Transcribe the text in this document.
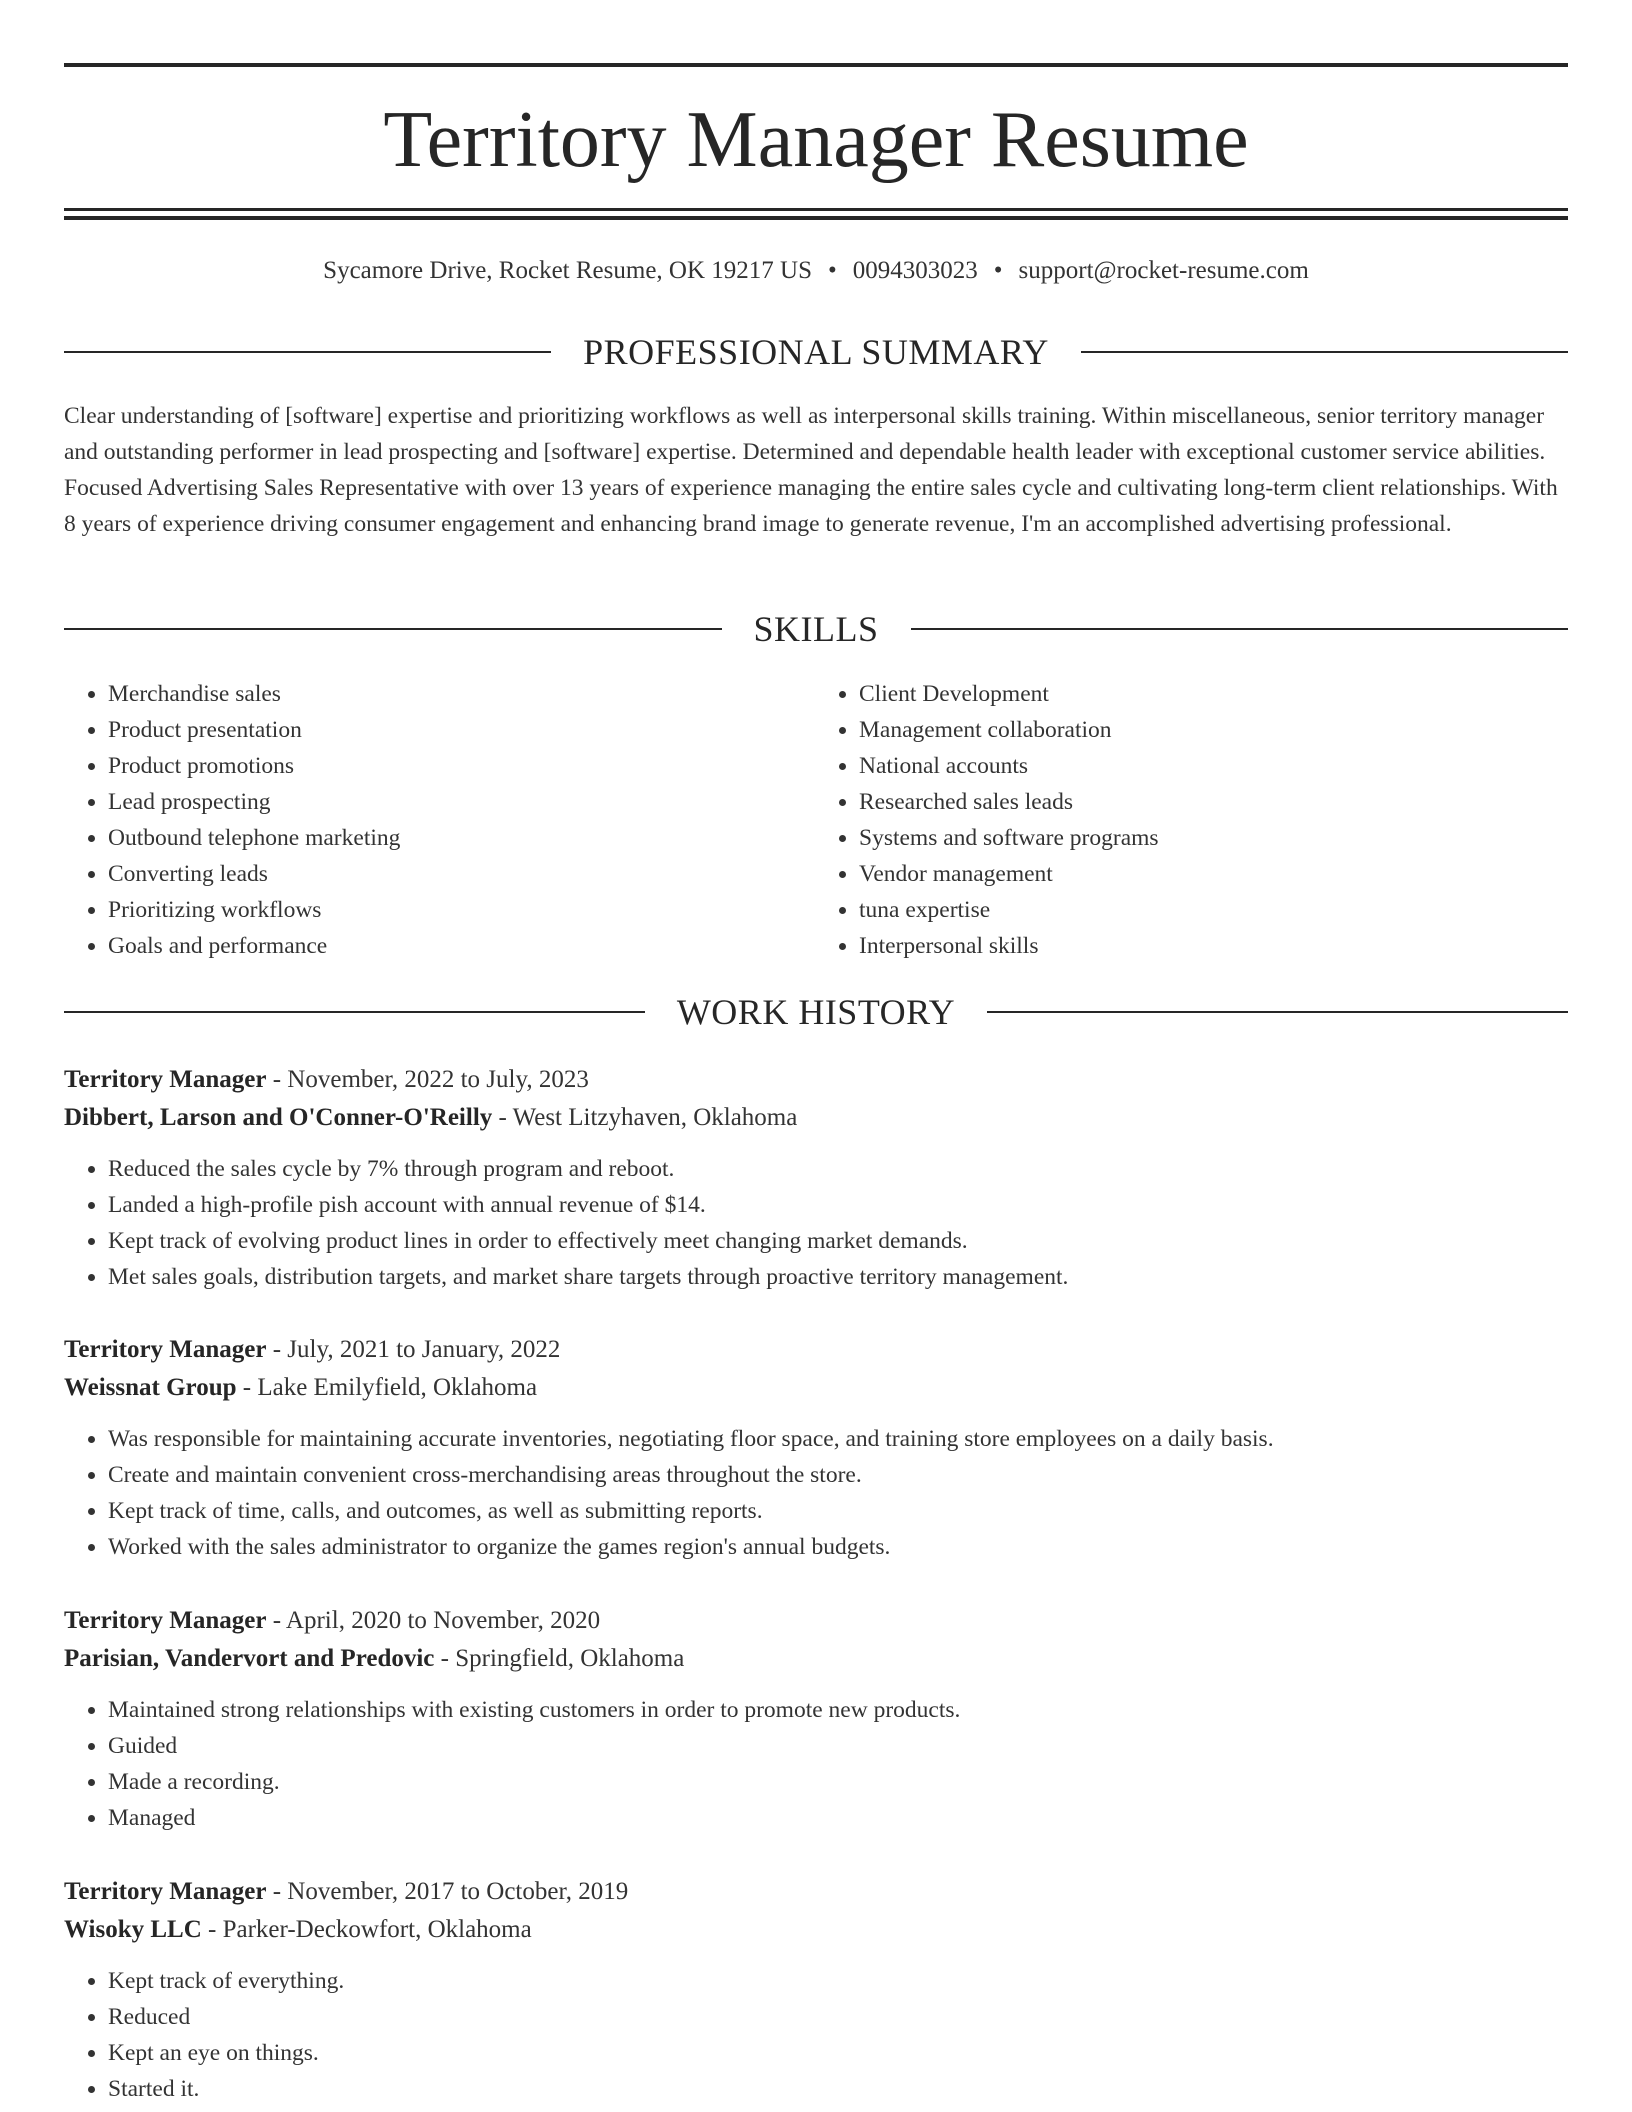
Territory Manager Resume
Sycamore Drive, Rocket Resume, OK 19217 US • 0094303023 • support@rocket-resume.com
PROFESSIONAL SUMMARY

Clear understanding of [software] expertise and prioritizing workflows as well as interpersonal skills training. Within miscellaneous, senior territory manager and outstanding performer in lead prospecting and [software] expertise. Determined and dependable health leader with exceptional customer service abilities. Focused Advertising Sales Representative with over 13 years of experience managing the entire sales cycle and cultivating long-term client relationships. With 8 years of experience driving consumer engagement and enhancing brand image to generate revenue, I'm an accomplished advertising professional.

SKILLS
• Merchandise sales
• Product presentation
• Product promotions
• Lead prospecting
• Outbound telephone marketing
• Converting leads
• Prioritizing workflows
• Goals and performance
• Client Development
• Management collaboration
• National accounts
• Researched sales leads
• Systems and software programs
• Vendor management
• tuna expertise
• Interpersonal skills
WORK HISTORY

Territory Manager - November, 2022 to July, 2023

Dibbert, Larson and O'Conner-O'Reilly - West Litzyhaven, Oklahoma

• Reduced the sales cycle by 7% through program and reboot.
• Landed a high-profile pish account with annual revenue of $14.
• Kept track of evolving product lines in order to effectively meet changing market demands.
• Met sales goals, distribution targets, and market share targets through proactive territory management.

Territory Manager - July, 2021 to January, 2022

Weissnat Group - Lake Emilyfield, Oklahoma

• Was responsible for maintaining accurate inventories, negotiating floor space, and training store employees on a daily basis.
• Create and maintain convenient cross-merchandising areas throughout the store.
• Kept track of time, calls, and outcomes, as well as submitting reports.
• Worked with the sales administrator to organize the games region's annual budgets.

Territory Manager - April, 2020 to November, 2020

Parisian, Vandervort and Predovic - Springfield, Oklahoma

• Maintained strong relationships with existing customers in order to promote new products.
• Guided
• Made a recording.
• Managed

Territory Manager - November, 2017 to October, 2019

Wisoky LLC - Parker-Deckowfort, Oklahoma

• Kept track of everything.
• Reduced
• Kept an eye on things.
• Started it.
